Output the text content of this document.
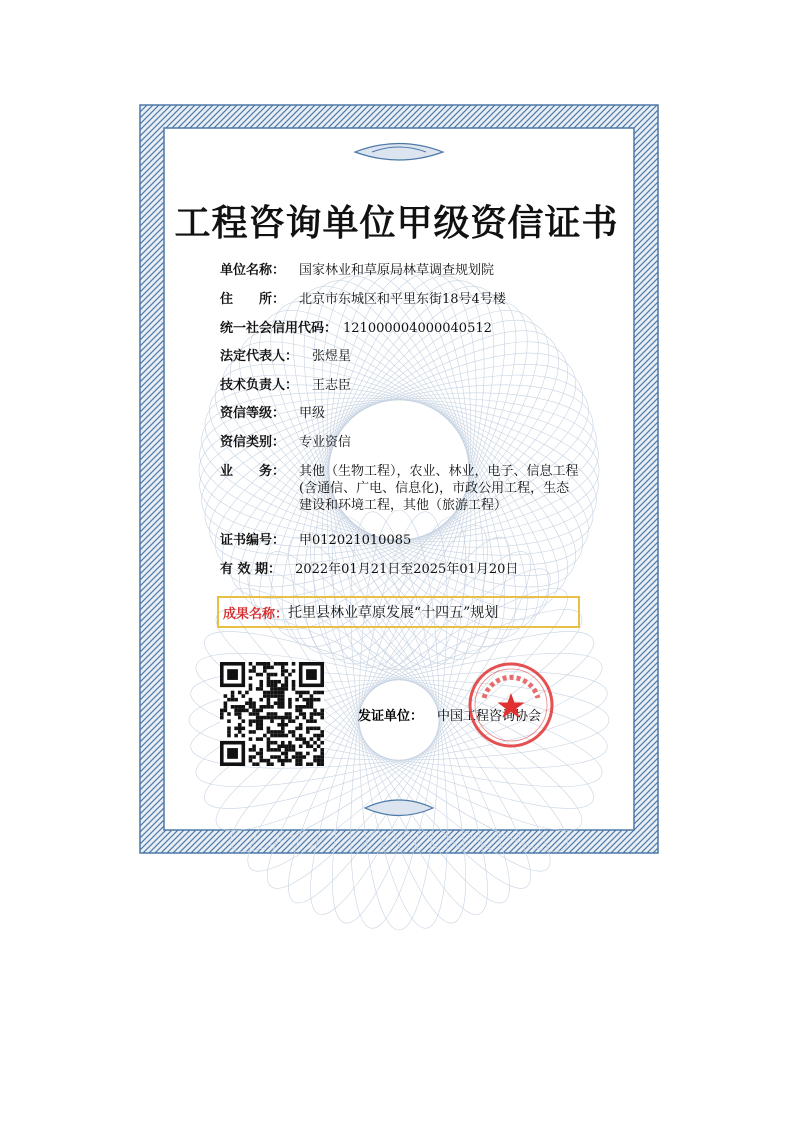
工程咨询单位甲级资信证书
单位名称： 国家林业和草原局林草调查规划院
住　　所： 北京市东城区和平里东街18号4号楼
统一社会信用代码： 121000004000040512
法定代表人： 张煜星
技术负责人： 王志臣
资信等级： 甲级
资信类别： 专业资信
业　　务： 其他（生物工程），农业、林业，电子、信息工程(含通信、广电、信息化)，市政公用工程，生态建设和环境工程，其他（旅游工程）
证书编号： 甲012021010085
有 效 期： 2022年01月21日至2025年01月20日
成果名称： 托里县林业草原发展“十四五”规划
发证单位： 中国工程咨询协会
